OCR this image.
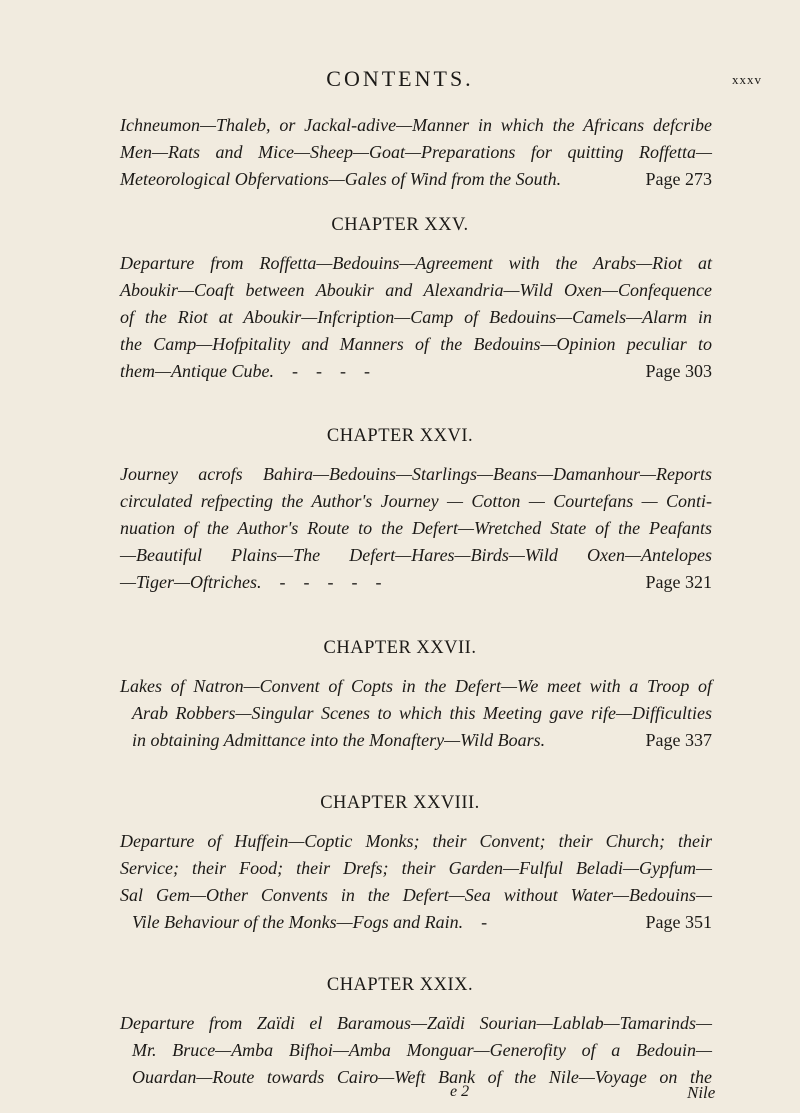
CONTENTS.	xxxv
Ichneumon—Thaleb, or Jackal-adive—Manner in which the Africans defcribe
Men—Rats and Mice—Sheep—Goat—Preparations for quitting Roffetta—
Meteorological Obfervations—Gales of Wind from the South.	Page 273
CHAPTER XXV.
Departure from Roffetta—Bedouins—Agreement with the Arabs—Riot at
Aboukir—Coaft between Aboukir and Alexandria—Wild Oxen—Confequence
of the Riot at Aboukir—Infcription—Camp of Bedouins—Camels—Alarm in
the Camp—Hofpitality and Manners of the Bedouins—Opinion peculiar to
them—Antique Cube. ----	Page 303
CHAPTER XXVI.
Journey acrofs Bahira—Bedouins—Starlings—Beans—Damanhour—Reports
circulated refpecting the Author's Journey — Cotton — Courtefans — Conti-
nuation of the Author's Route to the Defert—Wretched State of the Peafants
—Beautiful Plains—The Defert—Hares—Birds—Wild Oxen—Antelopes
—Tiger—Oftriches. -----	Page 321
CHAPTER XXVII.
Lakes of Natron—Convent of Copts in the Defert—We meet with a Troop of
Arab Robbers—Singular Scenes to which this Meeting gave rife—Difficulties
in obtaining Admittance into the Monaftery—Wild Boars.	Page 337
CHAPTER XXVIII.
Departure of Huffein—Coptic Monks; their Convent; their Church; their
Service; their Food; their Drefs; their Garden—Fulful Beladi—Gypfum—
Sal Gem—Other Convents in the Defert—Sea without Water—Bedouins—
Vile Behaviour of the Monks—Fogs and Rain. -	Page 351
CHAPTER XXIX.
Departure from Zaïdi el Baramous—Zaïdi Sourian—Lablab—Tamarinds—
Mr. Bruce—Amba Bifhoi—Amba Monguar—Generofity of a Bedouin—
Ouardan—Route towards Cairo—Weft Bank of the Nile—Voyage on the
e 2	Nile
